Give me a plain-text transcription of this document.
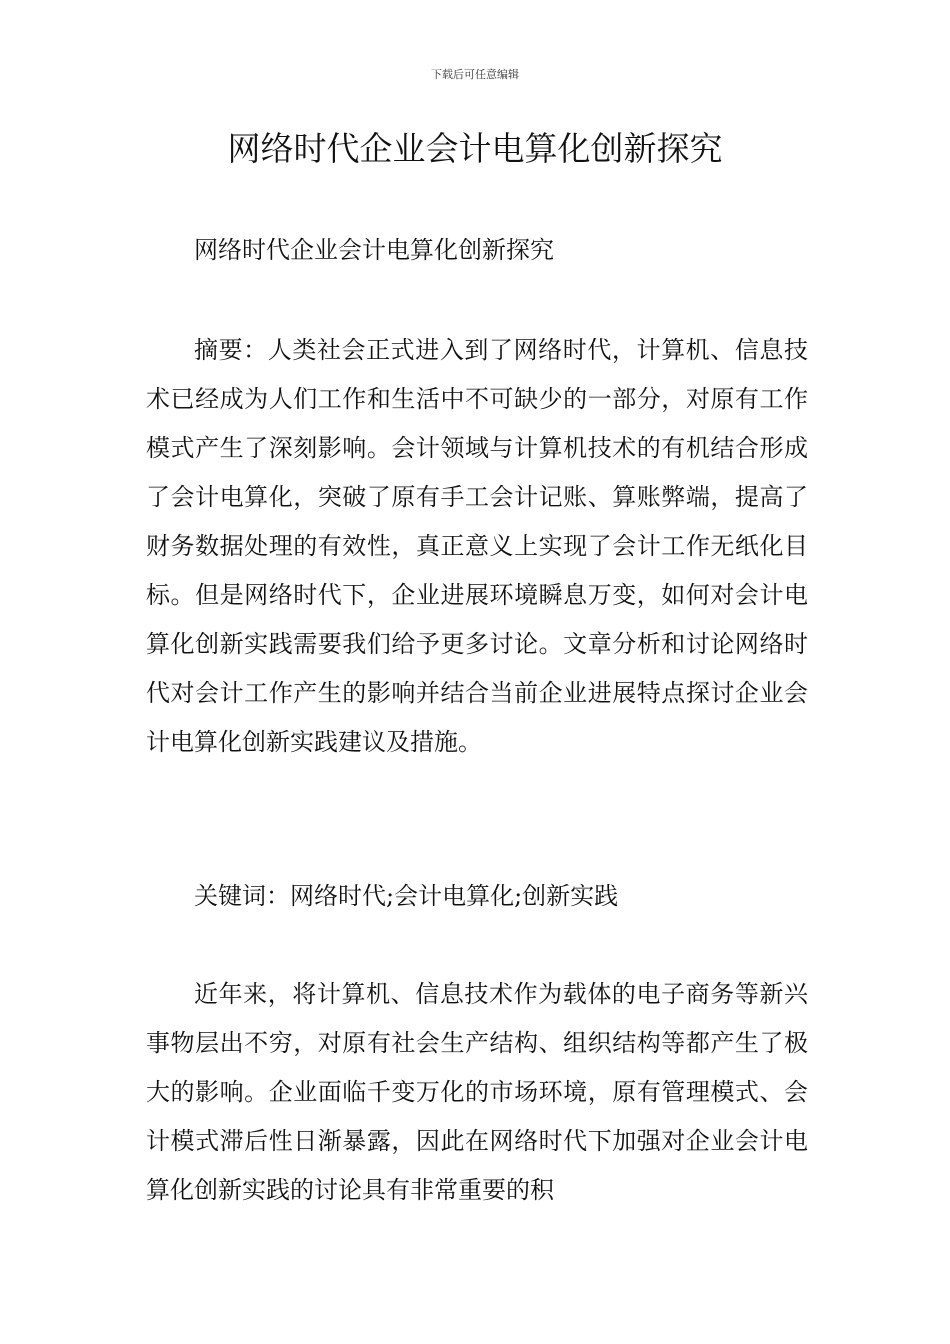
下载后可任意编辑
网络时代企业会计电算化创新探究

网络时代企业会计电算化创新探究

摘要：人类社会正式进入到了网络时代，计算机、信息技术已经成为人们工作和生活中不可缺少的一部分，对原有工作模式产生了深刻影响。会计领域与计算机技术的有机结合形成了会计电算化，突破了原有手工会计记账、算账弊端，提高了财务数据处理的有效性，真正意义上实现了会计工作无纸化目标。但是网络时代下，企业进展环境瞬息万变，如何对会计电算化创新实践需要我们给予更多讨论。文章分析和讨论网络时代对会计工作产生的影响并结合当前企业进展特点探讨企业会计电算化创新实践建议及措施。

关键词：网络时代;会计电算化;创新实践

近年来，将计算机、信息技术作为载体的电子商务等新兴事物层出不穷，对原有社会生产结构、组织结构等都产生了极大的影响。企业面临千变万化的市场环境，原有管理模式、会计模式滞后性日渐暴露，因此在网络时代下加强对企业会计电算化创新实践的讨论具有非常重要的积
